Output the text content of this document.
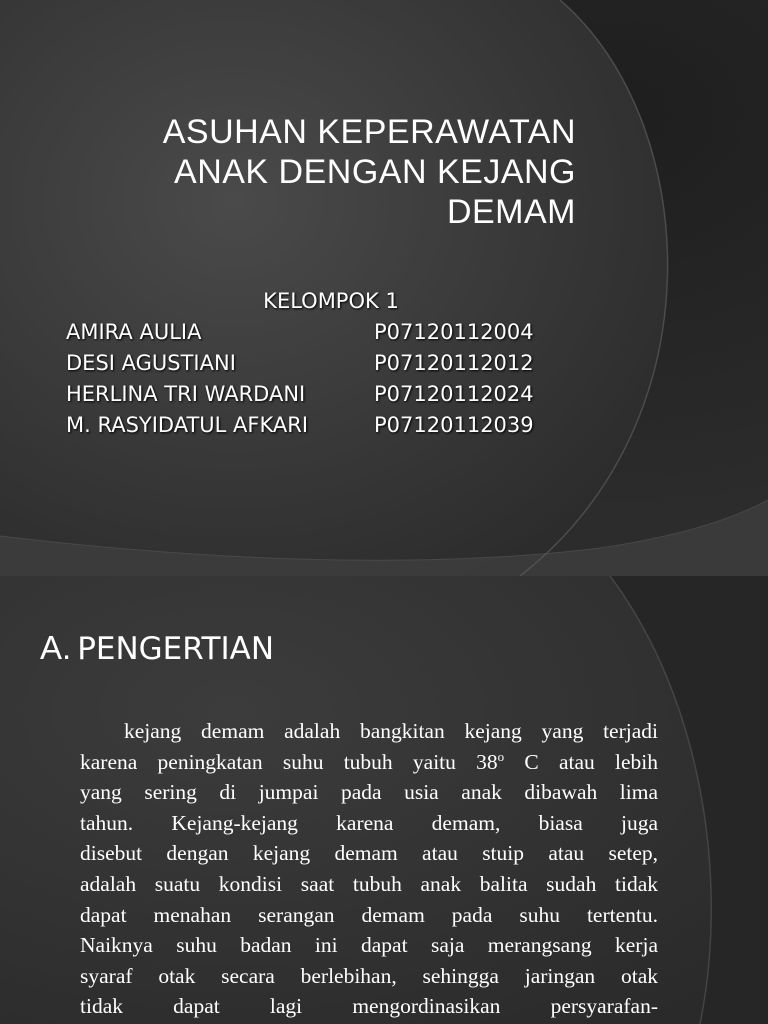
ASUHAN KEPERAWATAN
ANAK DENGAN KEJANG
DEMAM
KELOMPOK 1
AMIRA AULIA	P07120112004
DESI AGUSTIANI	P07120112012
HERLINA TRI WARDANI	P07120112024
M. RASYIDATUL AFKARI	P07120112039
A. PENGERTIAN
kejang demam adalah bangkitan kejang yang terjadi
karena peningkatan suhu tubuh yaitu 38$^o$ C atau lebih
yang sering di jumpai pada usia anak dibawah lima
tahun. Kejang-kejang karena demam, biasa juga
disebut dengan kejang demam atau stuip atau setep,
adalah suatu kondisi saat tubuh anak balita sudah tidak
dapat menahan serangan demam pada suhu tertentu.
Naiknya suhu badan ini dapat saja merangsang kerja
syaraf otak secara berlebihan, sehingga jaringan otak
tidak dapat lagi mengordinasikan persyarafan-
